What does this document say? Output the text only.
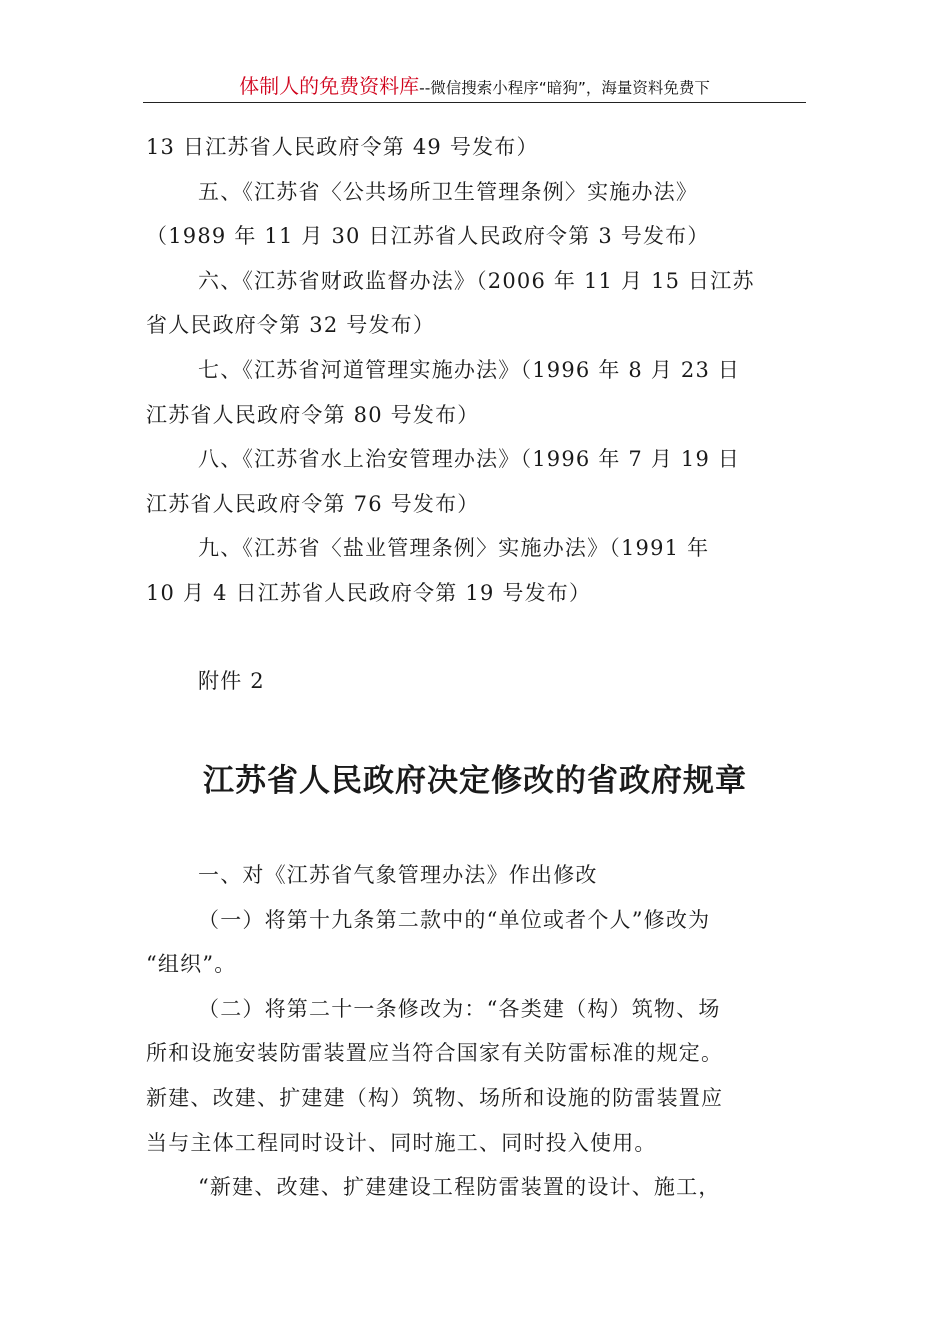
体制人的免费资料库--微信搜索小程序“暗狗”，海量资料免费下
13 日江苏省人民政府令第 49 号发布）
五、《江苏省〈公共场所卫生管理条例〉实施办法》
（1989 年 11 月 30 日江苏省人民政府令第 3 号发布）
六、《江苏省财政监督办法》（2006 年 11 月 15 日江苏
省人民政府令第 32 号发布）
七、《江苏省河道管理实施办法》（1996 年 8 月 23 日
江苏省人民政府令第 80 号发布）
八、《江苏省水上治安管理办法》（1996 年 7 月 19 日
江苏省人民政府令第 76 号发布）
九、《江苏省〈盐业管理条例〉实施办法》（1991 年
10 月 4 日江苏省人民政府令第 19 号发布）
附件 2
江苏省人民政府决定修改的省政府规章
一、对《江苏省气象管理办法》作出修改
（一）将第十九条第二款中的“单位或者个人”修改为
“组织”。
（二）将第二十一条修改为：“各类建（构）筑物、场
所和设施安装防雷装置应当符合国家有关防雷标准的规定。
新建、改建、扩建建（构）筑物、场所和设施的防雷装置应
当与主体工程同时设计、同时施工、同时投入使用。
“新建、改建、扩建建设工程防雷装置的设计、施工，
